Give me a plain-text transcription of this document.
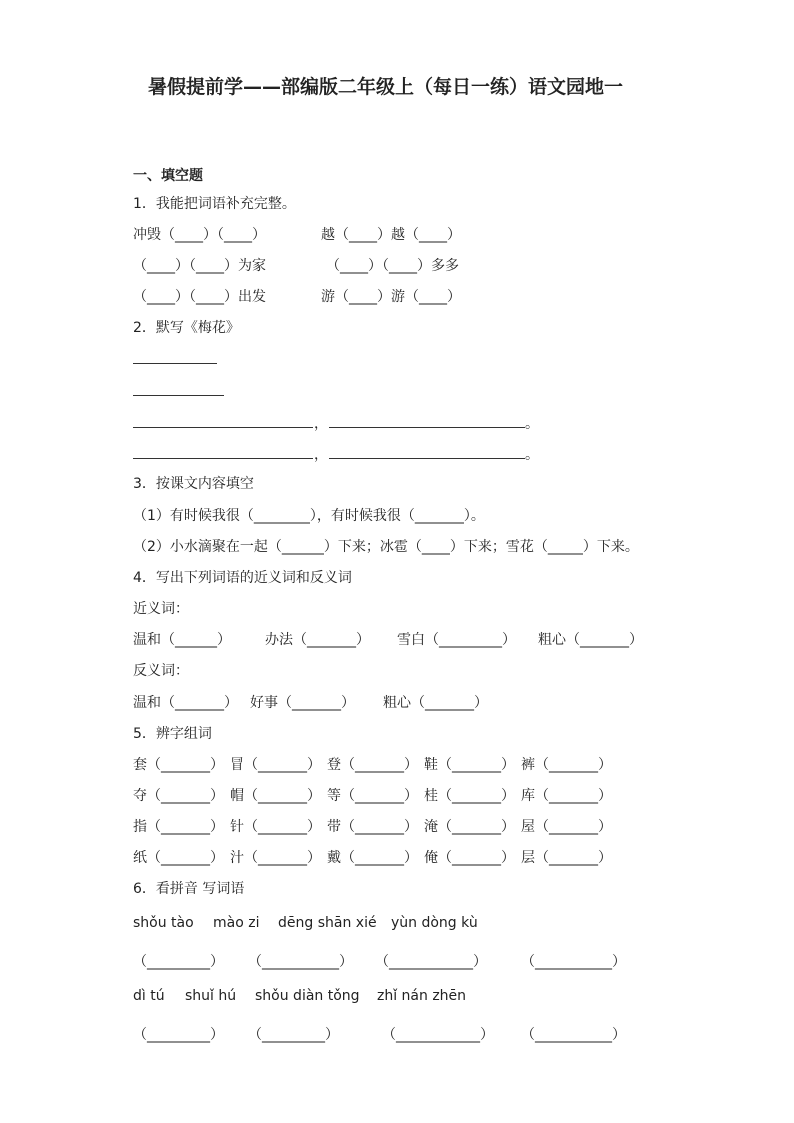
暑假提前学——部编版二年级上（每日一练）语文园地一
一、填空题
1．我能把词语补充完整。
冲毁（____）（____）	越（____）越（____）
（____）（____）为家	（____）（____）多多
（____）（____）出发	游（____）游（____）
2．默写《梅花》
，	。
，	。
3．按课文内容填空
（1）有时候我很（________），有时候我很（_______）。
（2）小水滴聚在一起（______）下来；冰雹（____）下来；雪花（_____）下来。
4．写出下列词语的近义词和反义词
近义词：
温和（______） 办法（_______） 雪白（_________） 粗心（_______）
反义词：
温和（_______） 好事（_______） 粗心（_______）
5．辨字组词
套（_______） 冒（_______） 登（_______） 鞋（_______） 裤（_______）
夺（_______） 帽（_______） 等（_______） 桂（_______） 库（_______）
指（_______） 针（_______） 带（_______） 淹（_______） 屋（_______）
纸（_______） 汁（_______） 戴（_______） 俺（_______） 层（_______）
6．看拼音 写词语
shǒu tào mào zi dēng shān xié yùn dòng kù
（_________） （___________） （____________） （___________）
dì tú shuǐ hú shǒu diàn tǒng zhǐ nán zhēn
（_________） （_________）	（____________） （___________）
